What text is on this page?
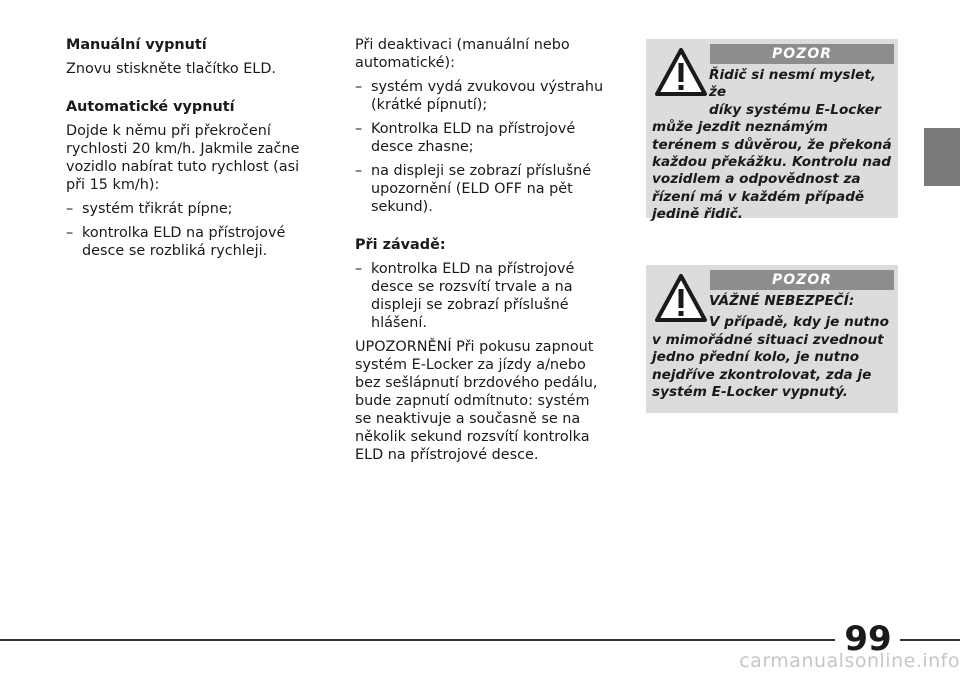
Manuální vypnutí

Znovu stiskněte tlačítko ELD.

Automatické vypnutí

Dojde k němu při překročení rychlosti 20 km/h. Jakmile začne vozidlo nabírat tuto rychlost (asi při 15 km/h):

– systém třikrát pípne;
– kontrolka ELD na přístrojové desce se rozbliká rychleji.

Při deaktivaci (manuální nebo automatické):

– systém vydá zvukovou výstrahu (krátké pípnutí);
– Kontrolka ELD na přístrojové desce zhasne;
– na displeji se zobrazí příslušné upozornění (ELD OFF na pět sekund).
Při závadě:
– kontrolka ELD na přístrojové desce se rozsvítí trvale a na displeji se zobrazí příslušné hlášení.

UPOZORNĚNÍ Při pokusu zapnout systém E-Locker za jízdy a/nebo bez sešlápnutí brzdového pedálu, bude zapnutí odmítnuto: systém se neaktivuje a současně se na několik sekund rozsvítí kontrolka ELD na přístrojové desce.

POZOR
Řidič si nesmí myslet, že
díky systému E-Locker
může jezdit neznámým terénem s důvěrou, že překoná každou překážku. Kontrolu nad vozidlem a odpovědnost za řízení má v každém případě jedině řidič.
POZOR

VÁŽNÉ NEBEZPEČÍ:

V případě, kdy je nutno
v mimořádné situaci zvednout jedno přední kolo, je nutno nejdříve zkontrolovat, zda je systém E-Locker vypnutý.
99
carmanualsonline.info
